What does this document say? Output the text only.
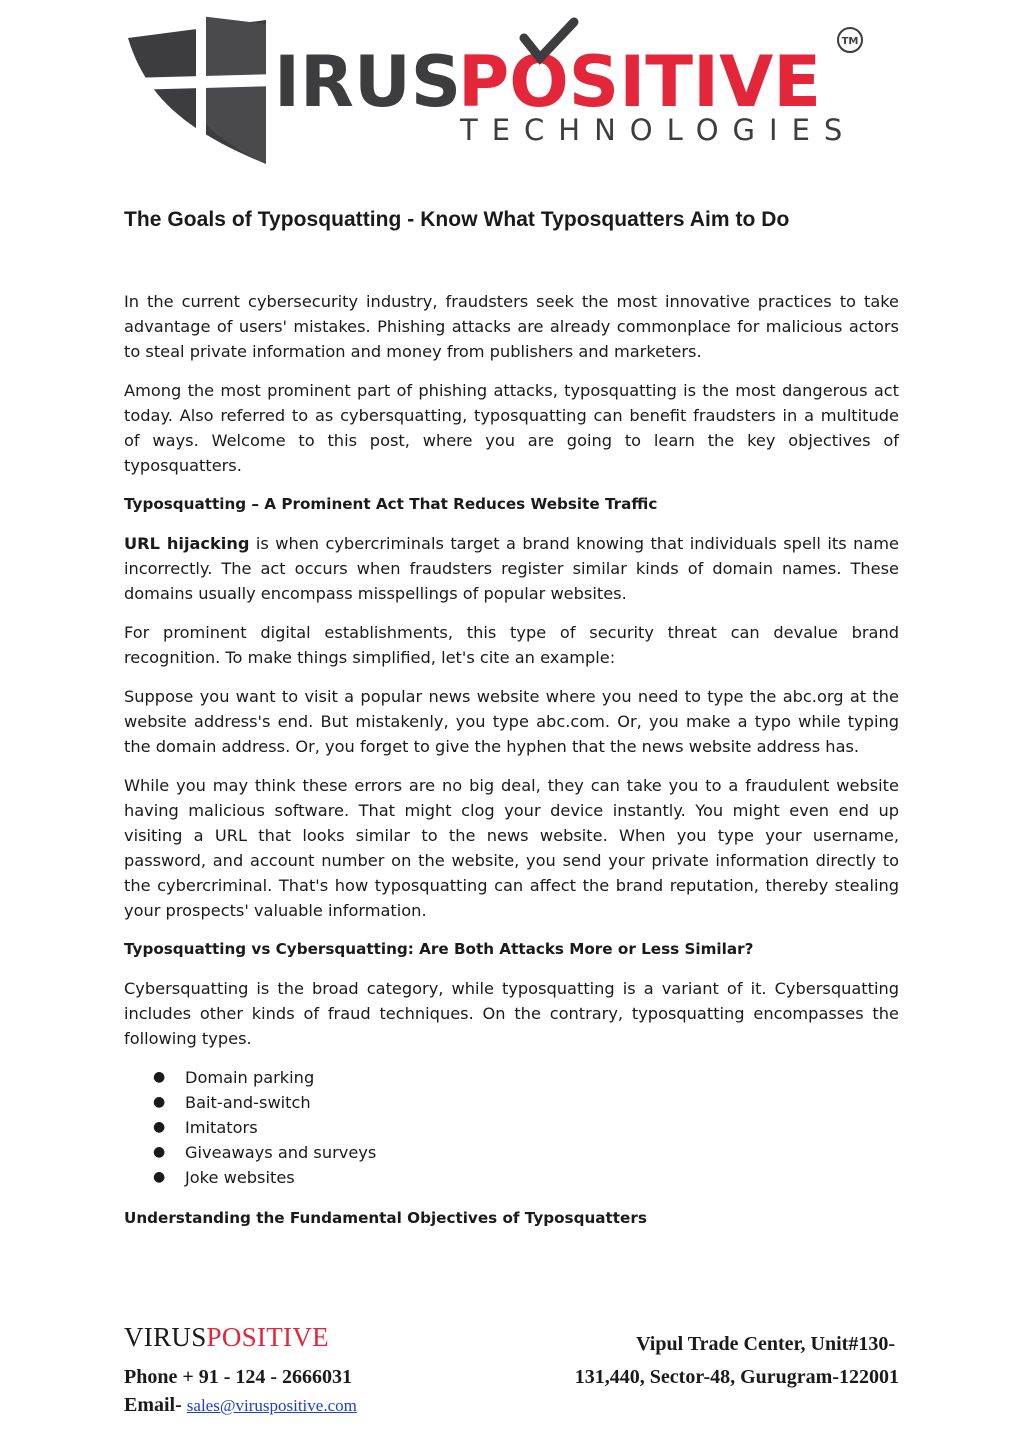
IRUS
POSITIVE
TECHNOLOGIES
TM
The Goals of Typosquatting - Know What Typosquatters Aim to Do

In the current cybersecurity industry, fraudsters seek the most innovative practices to take advantage of users' mistakes. Phishing attacks are already commonplace for malicious actors to steal private information and money from publishers and marketers.

Among the most prominent part of phishing attacks, typosquatting is the most dangerous act today. Also referred to as cybersquatting, typosquatting can benefit fraudsters in a multitude of ways. Welcome to this post, where you are going to learn the key objectives of typosquatters.

Typosquatting – A Prominent Act That Reduces Website Traffic

URL hijacking is when cybercriminals target a brand knowing that individuals spell its name incorrectly. The act occurs when fraudsters register similar kinds of domain names. These domains usually encompass misspellings of popular websites.

For prominent digital establishments, this type of security threat can devalue brand recognition. To make things simplified, let's cite an example:

Suppose you want to visit a popular news website where you need to type the abc.org at the website address's end. But mistakenly, you type abc.com. Or, you make a typo while typing the domain address. Or, you forget to give the hyphen that the news website address has.

While you may think these errors are no big deal, they can take you to a fraudulent website having malicious software. That might clog your device instantly. You might even end up visiting a URL that looks similar to the news website. When you type your username, password, and account number on the website, you send your private information directly to the cybercriminal. That's how typosquatting can affect the brand reputation, thereby stealing your prospects' valuable information.

Typosquatting vs Cybersquatting: Are Both Attacks More or Less Similar?

Cybersquatting is the broad category, while typosquatting is a variant of it. Cybersquatting includes other kinds of fraud techniques. On the contrary, typosquatting encompasses the following types.

● Domain parking
● Bait-and-switch
● Imitators
● Giveaways and surveys
● Joke websites
Understanding the Fundamental Objectives of Typosquatters
VIRUSPOSITIVE
Phone + 91 - 124 - 2666031
Email- sales@viruspositive.com
Vipul Trade Center, Unit#130-
131,440, Sector-48, Gurugram-122001
